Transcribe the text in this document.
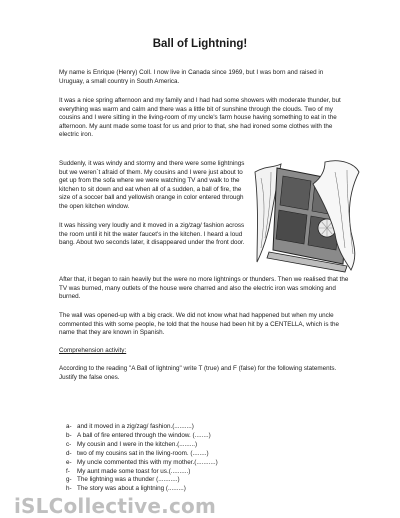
Ball of Lightning!

My name is Enrique (Henry) Coll. I now live in Canada since 1969, but I was born and raised in Uruguay, a small country in South America.

It was a nice spring afternoon and my family and I had had some showers with moderate thunder, but everything was warm and calm and there was a little bit of sunshine through the clouds. Two of my cousins and I were sitting in the living-room of my uncle's farm house having something to eat in the afternoon. My aunt made some toast for us and prior to that, she had ironed some clothes with the electric iron.

Suddenly, it was windy and stormy and there were some lightnings but we weren´t afraid of them. My cousins and I were just about to get up from the sofa where we were watching TV and walk to the kitchen to sit down and eat when all of a sudden, a ball of fire, the size of a soccer ball and yellowish orange in color entered through the open kitchen window.

It was hissing very loudly and it moved in a zig/zag/ fashion across the room until it hit the water faucet's in the kitchen. I heard a loud bang. About two seconds later, it disappeared under the front door.

After that, it began to rain heavily but the were no more lightnings or thunders. Then we realised that the TV was burned, many outlets of the house were charred and also the electric iron was smoking and burned.

The wall was opened-up with a big crack. We did not know what had happened but when my uncle commented this with some people, he told that the house had been hit by a CENTELLA, which is the name that they are known in Spanish.

Comprehension activity:

According to the reading "A Ball of lightning" write T (true) and F (false) for the following statements. Justify the false ones.

a- and it moved in a zig/zag/ fashion.(..........)
b- A ball of fire entered through the window. (........)
c- My cousin and I were in the kitchen.(.........)
d- two of my cousins sat in the living-room. (........)
e- My uncle commented this with my mother.(...........)
f- My aunt made some toast for us.(..........)
g- The lightning was a thunder (...........)
h- The story was about a lightning (.........)
iSLCollective.com
